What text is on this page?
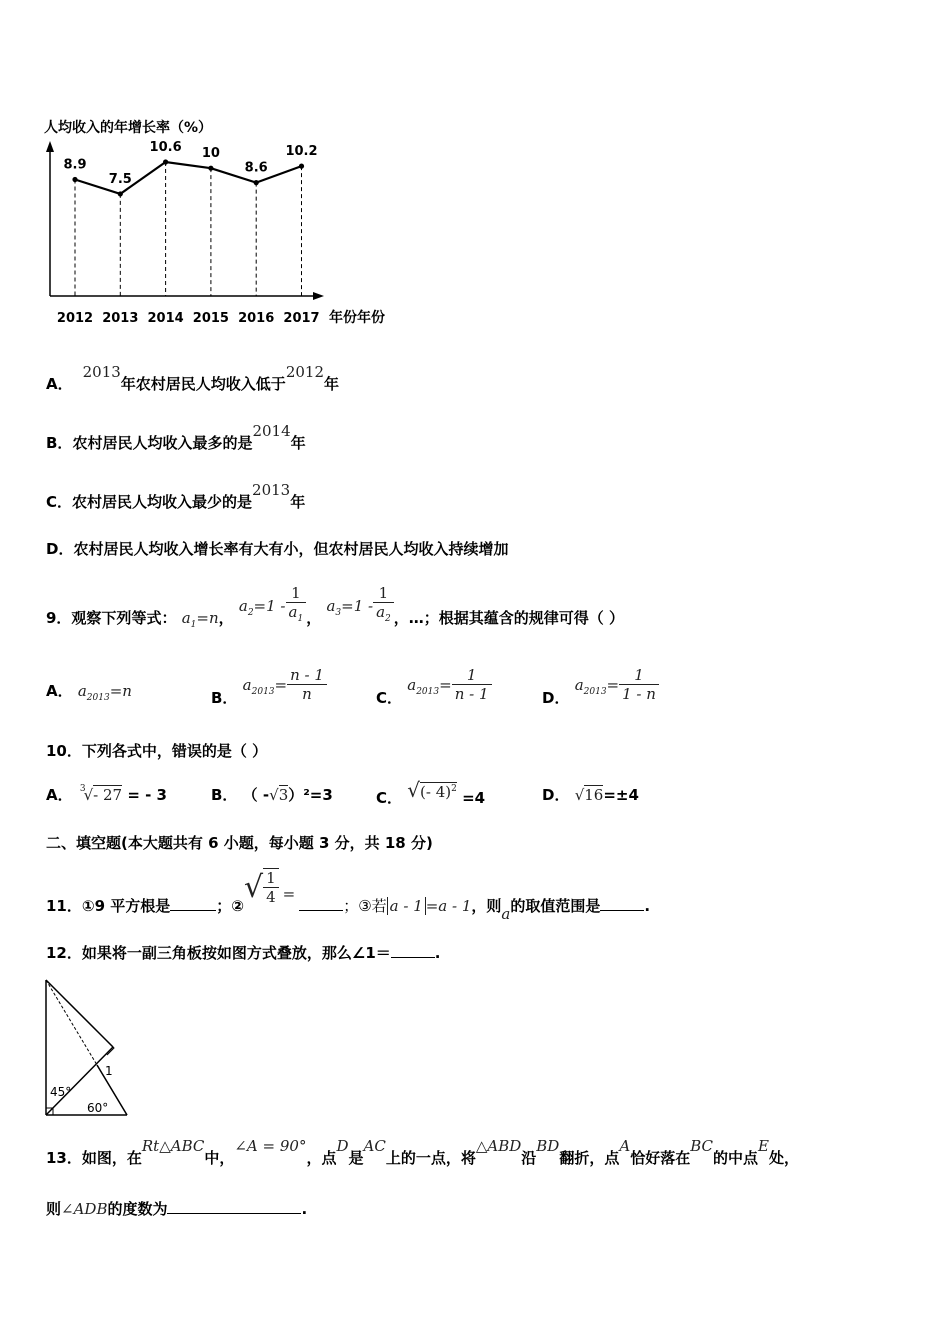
人均收入的年增长率（%）
年份年份
8.9
2012
7.5
2013
10.6
2014
10
2015
8.6
2016
10.2
2017
A．2013年农村居民人均收入低于2012年
B．农村居民人均收入最多的是2014年
C．农村居民人均收入最少的是2013年
D．农村居民人均收入增长率有大有小，但农村居民人均收入持续增加
9．观察下列等式： $a_1=n$， $a_2=1 - \frac{1}{a_1}$ ， $a_3=1 - \frac{1}{a_2}$ ，…；根据其蕴含的规律可得（ ）
A． $a_{2013}=n$	B． $a_{2013}= \frac{n - 1}{n}$	C． $a_{2013}= \frac{1}{n - 1}$	D． $a_{2013}= \frac{1}{1 - n}$
10．下列各式中，错误的是（ ）
A． $^3$√- 27 = - 3	B． （ -√3）²=3	C． √(- 4)$^2$ =4	D． √16=±4
二、填空题(本大题共有 6 小题，每小题 3 分，共 18 分)
11．①9 平方根是	；②√ $\frac{1}{4}$ =；③若 a - 1 =a - 1，则a的取值范围是	.
12．如果将一副三角板按如图方式叠放，那么∠1＝	.
45°
60°
1
13．如图，在Rt△ABC中，∠A = 90°，点D是AC上的一点，将△ABD沿BD翻折，点A恰好落在BC的中点E处，
则∠ADB的度数为	.
